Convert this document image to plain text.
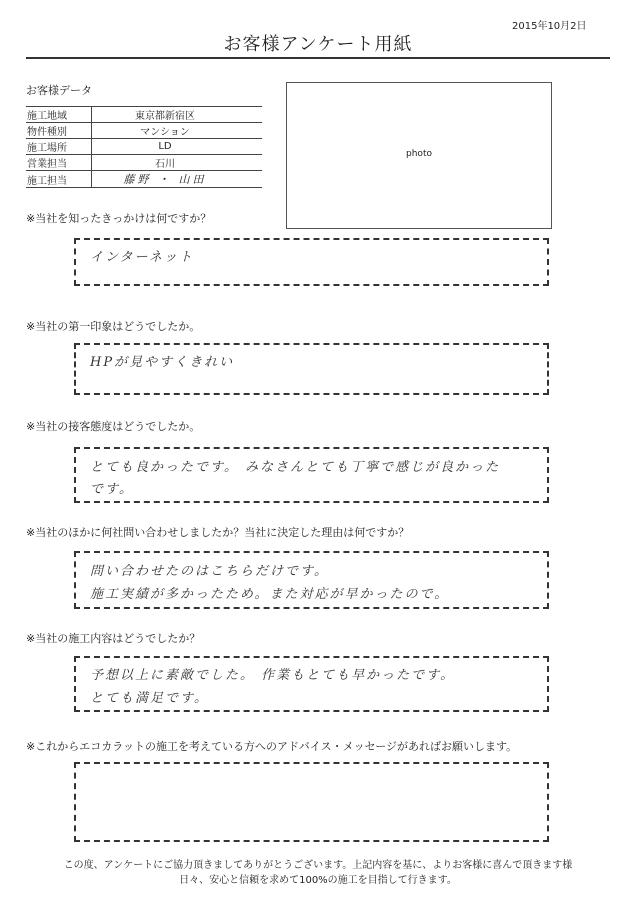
2015年10月2日
お客様アンケート用紙
お客様データ
施工地域	東京都新宿区
物件種別	マンション
施工場所	LD
営業担当	石川
施工担当	藤野 ・ 山田
photo
※当社を知ったきっかけは何ですか？
インターネット
※当社の第一印象はどうでしたか。
HPが見やすくきれい
※当社の接客態度はどうでしたか。
とても良かったです。 みなさんとても丁寧で感じが良かった
です。
※当社のほかに何社問い合わせしましたか？当社に決定した理由は何ですか？
問い合わせたのはこちらだけです。
施工実績が多かったため。また対応が早かったので。
※当社の施工内容はどうでしたか？
予想以上に素敵でした。 作業もとても早かったです。
とても満足です。
※これからエコカラットの施工を考えている方へのアドバイス・メッセージがあればお願いします。
この度、アンケートにご協力頂きましてありがとうございます。上記内容を基に、よりお客様に喜んで頂きます様
日々、安心と信頼を求めて100%の施工を目指して行きます。
